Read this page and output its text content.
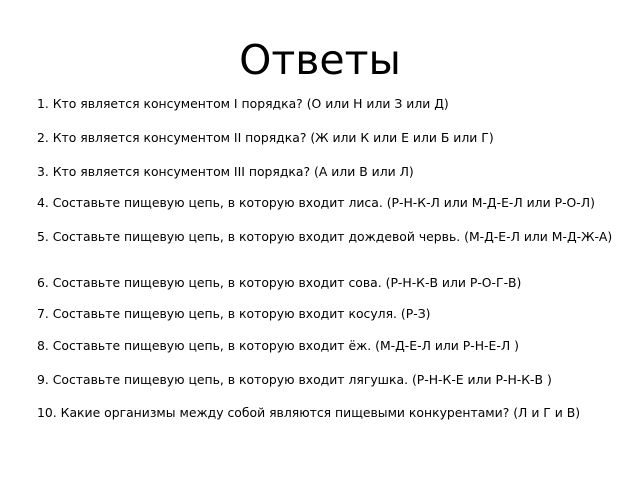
Ответы
1. Кто является консументом I порядка? (О или Н или З или Д)
2. Кто является консументом II порядка? (Ж или К или Е или Б или Г)
3. Кто является консументом III порядка? (А или В или Л)
4. Составьте пищевую цепь, в которую входит лиса. (Р-Н-К-Л или М-Д-Е-Л или Р-О-Л)
5. Составьте пищевую цепь, в которую входит дождевой червь. (М-Д-Е-Л или М-Д-Ж-А)
6. Составьте пищевую цепь, в которую входит сова. (Р-Н-К-В или Р-О-Г-В)
7. Составьте пищевую цепь, в которую входит косуля. (Р-З)
8. Составьте пищевую цепь, в которую входит ёж. (М-Д-Е-Л или Р-Н-Е-Л )
9. Составьте пищевую цепь, в которую входит лягушка. (Р-Н-К-Е или Р-Н-К-В )
10. Какие организмы между собой являются пищевыми конкурентами? (Л и Г и В)
